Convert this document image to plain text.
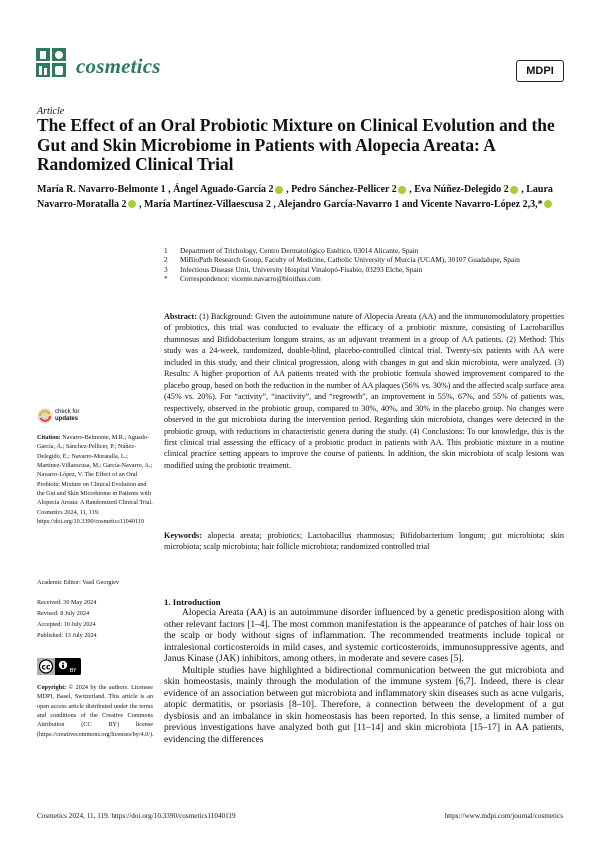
cosmetics	MDPI
Article
The Effect of an Oral Probiotic Mixture on Clinical Evolution and the Gut and Skin Microbiome in Patients with Alopecia Areata: A Randomized Clinical Trial
María R. Navarro-Belmonte 1 , Ángel Aguado-García 2 , Pedro Sánchez-Pellicer 2 , Eva Núñez-Delegido 2 , Laura Navarro-Moratalla 2 , María Martínez-Villaescusa 2 , Alejandro García-Navarro 1 and Vicente Navarro-López 2,3,*
1	Department of Trichology, Centro Dermatológico Estético, 03014 Alicante, Spain
2	MiBioPath Research Group, Faculty of Medicine, Catholic University of Murcia (UCAM), 30107 Guadalupe, Spain
3	Infectious Disease Unit, University Hospital Vinalopó-Fisabio, 03293 Elche, Spain
*	Correspondence: vicente.navarro@bioithas.com
Abstract: (1) Background: Given the autoimmune nature of Alopecia Areata (AA) and the immunomodulatory properties of probiotics, this trial was conducted to evaluate the efficacy of a probiotic mixture, consisting of Lactobacillus rhamnosus and Bifidobacterium longum strains, as an adjuvant treatment in a group of AA patients. (2) Method: This study was a 24-week, randomized, double-blind, placebo-controlled clinical trial. Twenty-six patients with AA were included in this study, and their clinical progression, along with changes in gut and skin microbiota, were analyzed. (3) Results: A higher proportion of AA patients treated with the probiotic formula showed improvement compared to the placebo group, based on both the reduction in the number of AA plaques (56% vs. 30%) and the affected scalp surface area (45% vs. 20%). For “activity”, “inactivity”, and “regrowth”, an improvement in 55%, 67%, and 55% of patients was, respectively, observed in the probiotic group, compared to 30%, 40%, and 30% in the placebo group. No changes were observed in the gut microbiota during the intervention period. Regarding skin microbiota, changes were detected in the probiotic group, with reductions in characteristic genera during the study. (4) Conclusions: To our knowledge, this is the first clinical trial assessing the efficacy of a probiotic product in patients with AA. This probiotic mixture in a routine clinical practice setting appears to improve the course of patients. In addition, the skin microbiota of scalp lesions was modified using the probiotic treatment.
Keywords: alopecia areata; probiotics; Lactobacillus rhamnosus; Bifidobacterium longum; gut microbiota; skin microbiota; scalp microbiota; hair follicle microbiota; randomized controlled trial
check for
updates
Citation: Navarro-Belmonte, M.R.; Aguado-García, Á.; Sánchez-Pellicer, P.; Núñez-Delegido, E.; Navarro-Moratalla, L.; Martínez-Villaescusa, M.; García-Navarro, A.; Navarro-López, V. The Effect of an Oral Probiotic Mixture on Clinical Evolution and the Gut and Skin Microbiome in Patients with Alopecia Areata: A Randomized Clinical Trial. Cosmetics 2024, 11, 119. https://doi.org/10.3390/cosmetics11040119
Academic Editor: Vasil Georgiev
Received: 30 May 2024
Revised: 8 July 2024
Accepted: 10 July 2024
Published: 13 July 2024
cc	BY
Copyright: © 2024 by the authors. Licensee MDPI, Basel, Switzerland. This article is an open access article distributed under the terms and conditions of the Creative Commons Attribution (CC BY) license (https://creativecommons.org/licenses/by/4.0/).
1. Introduction

Alopecia Areata (AA) is an autoimmune disorder influenced by a genetic predisposition along with other relevant factors [1–4]. The most common manifestation is the appearance of patches of hair loss on the scalp or body without signs of inflammation. The recommended treatments include topical or intralesional corticosteroids in mild cases, and systemic corticosteroids, immunosuppressive agents, and Janus Kinase (JAK) inhibitors, among others, in moderate and severe cases [5].

Multiple studies have highlighted a bidirectional communication between the gut microbiota and skin homeostasis, mainly through the modulation of the immune system [6,7]. Indeed, there is clear evidence of an association between gut microbiota and inflammatory skin diseases such as acne vulgaris, atopic dermatitis, or psoriasis [8–10]. Therefore, a connection between the development of a gut dysbiosis and an imbalance in skin homeostasis has been reported. In this sense, a limited number of previous investigations have analyzed both gut [11–14] and skin microbiota [15–17] in AA patients, evidencing the differences

Cosmetics 2024, 11, 119. https://doi.org/10.3390/cosmetics11040119	https://www.mdpi.com/journal/cosmetics
